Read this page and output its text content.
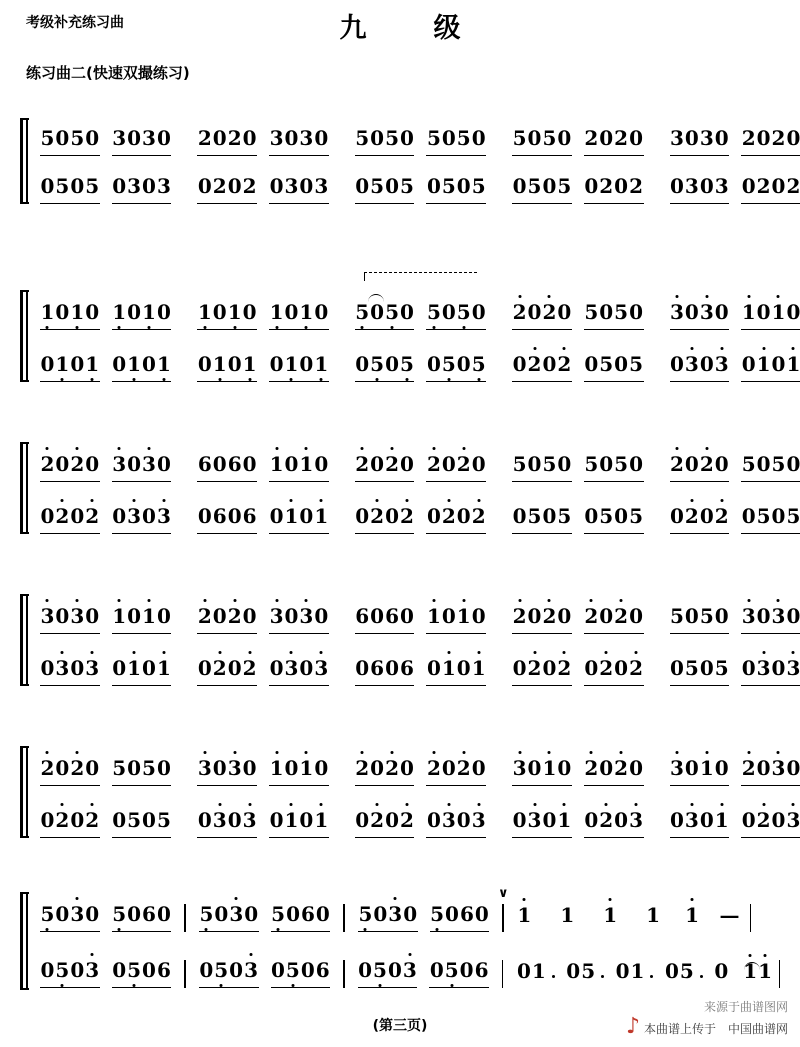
考级补充练习曲	九　级
练习曲二(快速双撮练习)
5 0 5 0 3 0 3 0 2 0 2 0 3 0 3 0 5 0 5 0 5 0 5 0 5 0 5 0 2 0 2 0 3 0 3 0 2 0 2 0
0 5 0 5 0 3 0 3 0 2 0 2 0 3 0 3 0 5 0 5 0 5 0 5 0 5 0 5 0 2 0 2 0 3 0 3 0 2 0 2
1 0 1 0 1 0 1 0 1 0 1 0 1 0 1 0 5 0 5 0 5 0 5 0 2 0 2 0 5 0 5 0 3 0 3 0 1 0 1 0
0 1 0 1 0 1 0 1 0 1 0 1 0 1 0 1 0 5 0 5 0 5 0 5 0 2 0 2 0 5 0 5 0 3 0 3 0 1 0 1
2 0 2 0 3 0 3 0 6 0 6 0 1 0 1 0 2 0 2 0 2 0 2 0 5 0 5 0 5 0 5 0 2 0 2 0 5 0 5 0
0 2 0 2 0 3 0 3 0 6 0 6 0 1 0 1 0 2 0 2 0 2 0 2 0 5 0 5 0 5 0 5 0 2 0 2 0 5 0 5
3 0 3 0 1 0 1 0 2 0 2 0 3 0 3 0 6 0 6 0 1 0 1 0 2 0 2 0 2 0 2 0 5 0 5 0 3 0 3 0
0 3 0 3 0 1 0 1 0 2 0 2 0 3 0 3 0 6 0 6 0 1 0 1 0 2 0 2 0 2 0 2 0 5 0 5 0 3 0 3
2 0 2 0 5 0 5 0 3 0 3 0 1 0 1 0 2 0 2 0 2 0 2 0 3 0 1 0 2 0 2 0 3 0 1 0 2 0 3 0
0 2 0 2 0 5 0 5 0 3 0 3 0 1 0 1 0 2 0 2 0 3 0 3 0 3 0 1 0 2 0 3 0 3 0 1 0 2 0 3
∨
5 0 3 0 5 0 6 0 5 0 3 0 5 0 6 0 5 0 3 0 5 0 6 0 1 1 1 1 1 —
0 5 0 3 0 5 0 6 0 5 0 3 0 5 0 6 0 5 0 3 0 5 0 6 0 1 0 5 0 1 0 5 0 1 1
(第三页)	♪
来源于曲谱图网
本曲谱上传于　中国曲谱网
